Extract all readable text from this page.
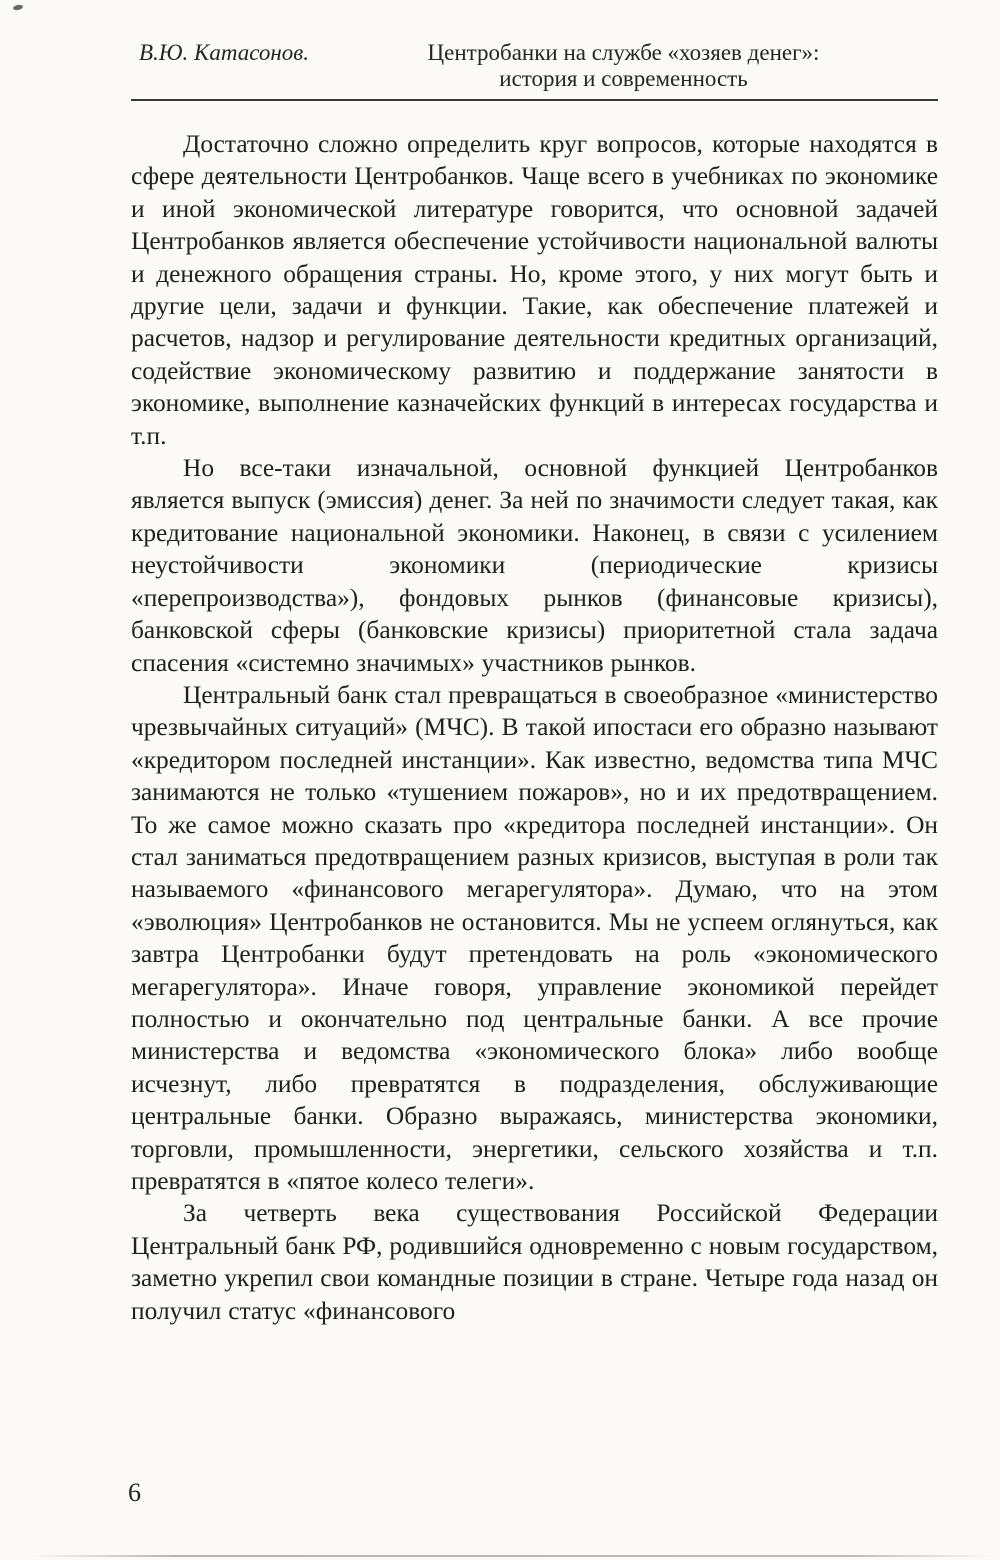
В.Ю. Катасонов.	Центробанки на службе «хозяев денег»:
история и современность

Достаточно сложно определить круг вопросов, которые находятся в сфере деятельности Центробанков. Чаще всего в учебниках по экономике и иной экономической литературе говорится, что основной задачей Центробанков является обеспечение устойчивости национальной валюты и денежного обращения страны. Но, кроме этого, у них могут быть и другие цели, задачи и функции. Такие, как обеспечение платежей и расчетов, надзор и регулирование деятельности кредитных организаций, содействие экономическому развитию и поддержание занятости в экономике, выполнение казначейских функций в интересах государства и т.п.

Но все-таки изначальной, основной функцией Центробанков является выпуск (эмиссия) денег. За ней по значимости следует такая, как кредитование национальной экономики. Наконец, в связи с усилением неустойчивости экономики (периодические кризисы «перепроизводства»), фондовых рынков (финансовые кризисы), банковской сферы (банковские кризисы) приоритетной стала задача спасения «системно значимых» участников рынков.

Центральный банк стал превращаться в своеобразное «министерство чрезвычайных ситуаций» (МЧС). В такой ипостаси его образно называют «кредитором последней инстанции». Как известно, ведомства типа МЧС занимаются не только «тушением пожаров», но и их предотвращением. То же самое можно сказать про «кредитора последней инстанции». Он стал заниматься предотвращением разных кризисов, выступая в роли так называемого «финансового мегарегулятора». Думаю, что на этом «эволюция» Центробанков не остановится. Мы не успеем оглянуться, как завтра Центробанки будут претендовать на роль «экономического мегарегулятора». Иначе говоря, управление экономикой перейдет полностью и окончательно под центральные банки. А все прочие министерства и ведомства «экономического блока» либо вообще исчезнут, либо превратятся в подразделения, обслуживающие центральные банки. Образно выражаясь, министерства экономики, торговли, промышленности, энергетики, сельского хозяйства и т.п. превратятся в «пятое колесо телеги».

За четверть века существования Российской Федерации Центральный банк РФ, родившийся одновременно с новым государством, заметно укрепил свои командные позиции в стране. Четыре года назад он получил статус «финансового

6
